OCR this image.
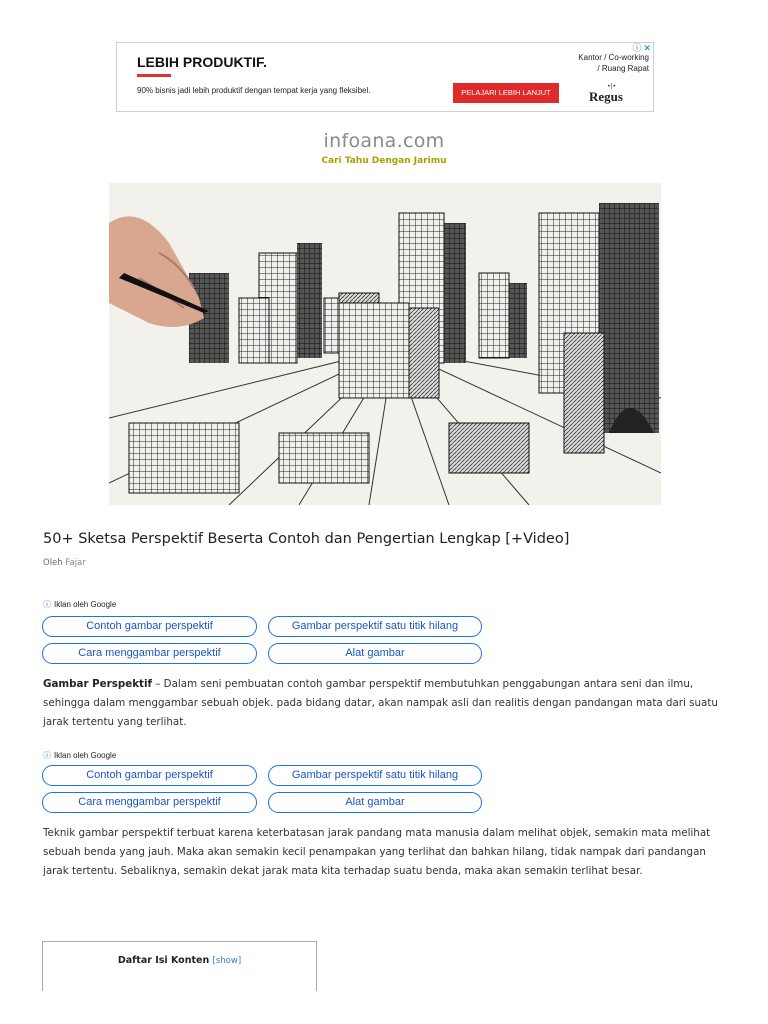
LEBIH PRODUKTIF.
90% bisnis jadi lebih produktif dengan tempat kerja yang fleksibel.	PELAJARI LEBIH LANJUT
Kantor / Co-working
/ Ruang Rapat
•|•
Regus
ⓘ ✕
infoana.com
Cari Tahu Dengan Jarimu
50+ Sketsa Perspektif Beserta Contoh dan Pengertian Lengkap [+Video]
Oleh Fajar
ⓘ Iklan oleh Google
Contoh gambar perspektif	Gambar perspektif satu titik hilang
Cara menggambar perspektif	Alat gambar
Gambar Perspektif – Dalam seni pembuatan contoh gambar perspektif membutuhkan penggabungan antara seni dan ilmu, sehingga dalam menggambar sebuah objek. pada bidang datar, akan nampak asli dan realitis dengan pandangan mata dari suatu jarak tertentu yang terlihat.
ⓘ Iklan oleh Google
Contoh gambar perspektif	Gambar perspektif satu titik hilang
Cara menggambar perspektif	Alat gambar
Teknik gambar perspektif terbuat karena keterbatasan jarak pandang mata manusia dalam melihat objek, semakin mata melihat sebuah benda yang jauh. Maka akan semakin kecil penampakan yang terlihat dan bahkan hilang, tidak nampak dari pandangan jarak tertentu. Sebaliknya, semakin dekat jarak mata kita terhadap suatu benda, maka akan semakin terlihat besar.
Daftar Isi Konten [show]
